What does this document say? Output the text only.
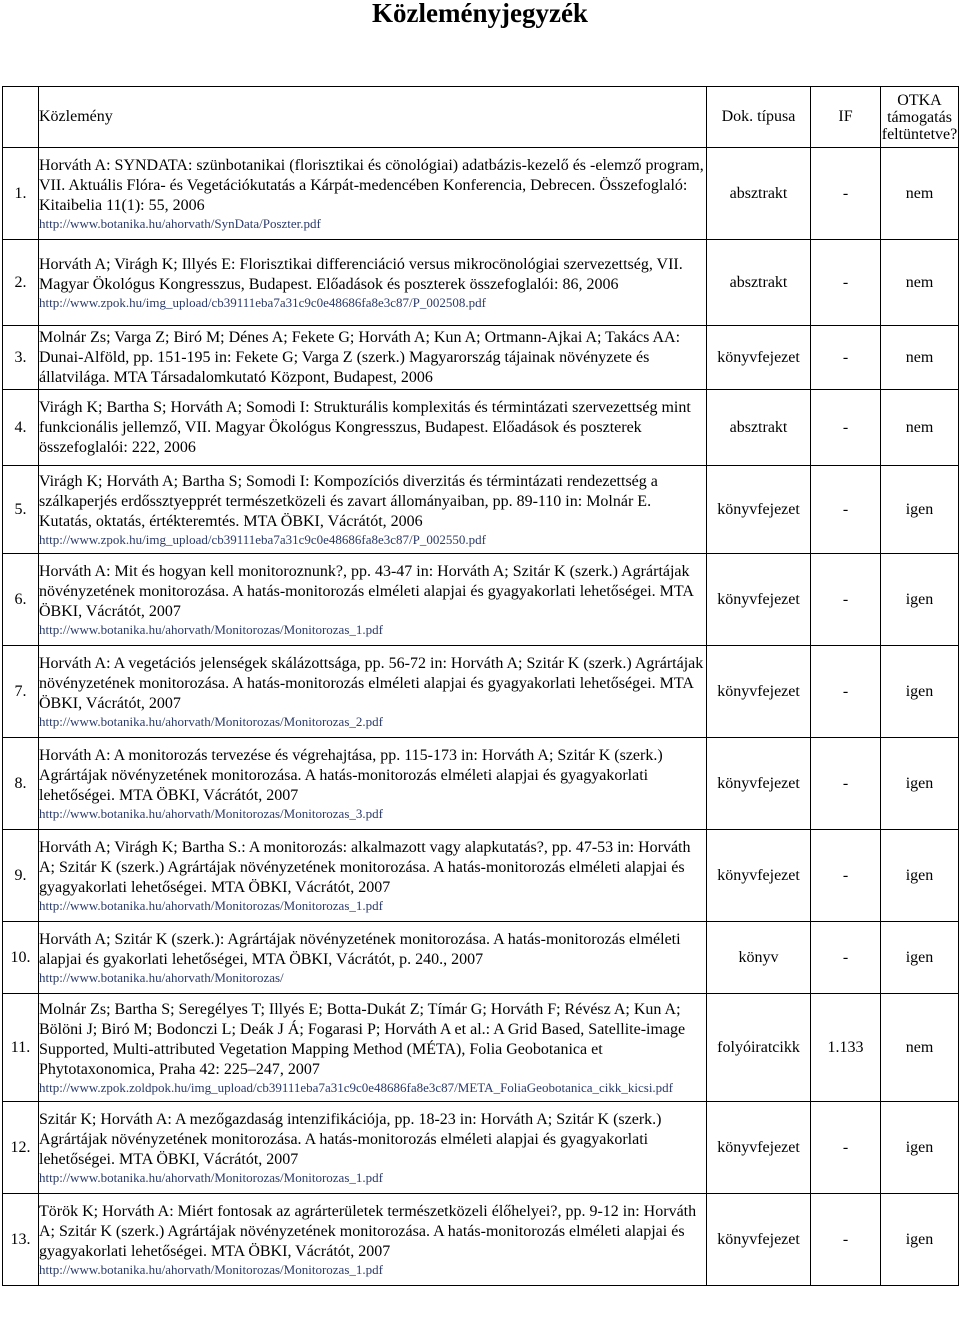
Közleményjegyzék
	Közlemény	Dok. típusa	IF	OTKA támogatás feltüntetve?
1.	Horváth A: SYNDATA: szünbotanikai (florisztikai és cönológiai) adatbázis-kezelő és -elemző program, VII. Aktuális Flóra- és Vegetációkutatás a Kárpát-medencében Konferencia, Debrecen. Összefoglaló: Kitaibelia 11(1): 55, 2006
http://www.botanika.hu/ahorvath/SynData/Poszter.pdf	absztrakt	-	nem
2.	Horváth A; Virágh K; Illyés E: Florisztikai differenciáció versus mikrocönológiai szervezettség, VII. Magyar Ökológus Kongresszus, Budapest. Előadások és poszterek összefoglalói: 86, 2006
http://www.zpok.hu/img_upload/cb39111eba7a31c9c0e48686fa8e3c87/P_002508.pdf	absztrakt	-	nem
3.	Molnár Zs; Varga Z; Biró M; Dénes A; Fekete G; Horváth A; Kun A; Ortmann-Ajkai A; Takács AA: Dunai-Alföld, pp. 151-195 in: Fekete G; Varga Z (szerk.) Magyarország tájainak növényzete és állatvilága. MTA Társadalomkutató Központ, Budapest, 2006	könyvfejezet	-	nem
4.	Virágh K; Bartha S; Horváth A; Somodi I: Strukturális komplexitás és términtázati szervezettség mint funkcionális jellemző, VII. Magyar Ökológus Kongresszus, Budapest. Előadások és poszterek összefoglalói: 222, 2006	absztrakt	-	nem
5.	Virágh K; Horváth A; Bartha S; Somodi I: Kompozíciós diverzitás és términtázati rendezettség a szálkaperjés erdőssztyepprét természetközeli és zavart állományaiban, pp. 89-110 in: Molnár E. Kutatás, oktatás, értékteremtés. MTA ÖBKI, Vácrátót, 2006
http://www.zpok.hu/img_upload/cb39111eba7a31c9c0e48686fa8e3c87/P_002550.pdf	könyvfejezet	-	igen
6.	Horváth A: Mit és hogyan kell monitoroznunk?, pp. 43-47 in: Horváth A; Szitár K (szerk.) Agrártájak növényzetének monitorozása. A hatás-monitorozás elméleti alapjai és gyagyakorlati lehetőségei. MTA ÖBKI, Vácrátót, 2007
http://www.botanika.hu/ahorvath/Monitorozas/Monitorozas_1.pdf	könyvfejezet	-	igen
7.	Horváth A: A vegetációs jelenségek skálázottsága, pp. 56-72 in: Horváth A; Szitár K (szerk.) Agrártájak növényzetének monitorozása. A hatás-monitorozás elméleti alapjai és gyagyakorlati lehetőségei. MTA ÖBKI, Vácrátót, 2007
http://www.botanika.hu/ahorvath/Monitorozas/Monitorozas_2.pdf	könyvfejezet	-	igen
8.	Horváth A: A monitorozás tervezése és végrehajtása, pp. 115-173 in: Horváth A; Szitár K (szerk.) Agrártájak növényzetének monitorozása. A hatás-monitorozás elméleti alapjai és gyagyakorlati lehetőségei. MTA ÖBKI, Vácrátót, 2007
http://www.botanika.hu/ahorvath/Monitorozas/Monitorozas_3.pdf	könyvfejezet	-	igen
9.	Horváth A; Virágh K; Bartha S.: A monitorozás: alkalmazott vagy alapkutatás?, pp. 47-53 in: Horváth A; Szitár K (szerk.) Agrártájak növényzetének monitorozása. A hatás-monitorozás elméleti alapjai és gyagyakorlati lehetőségei. MTA ÖBKI, Vácrátót, 2007
http://www.botanika.hu/ahorvath/Monitorozas/Monitorozas_1.pdf	könyvfejezet	-	igen
10.	Horváth A; Szitár K (szerk.): Agrártájak növényzetének monitorozása. A hatás-monitorozás elméleti alapjai és gyakorlati lehetőségei, MTA ÖBKI, Vácrátót, p. 240., 2007
http://www.botanika.hu/ahorvath/Monitorozas/	könyv	-	igen
11.	Molnár Zs; Bartha S; Seregélyes T; Illyés E; Botta-Dukát Z; Tímár G; Horváth F; Révész A; Kun A; Bölöni J; Biró M; Bodonczi L; Deák J Á; Fogarasi P; Horváth A et al.: A Grid Based, Satellite-image Supported, Multi-attributed Vegetation Mapping Method (MÉTA), Folia Geobotanica et Phytotaxonomica, Praha 42: 225–247, 2007
http://www.zpok.zoldpok.hu/img_upload/cb39111eba7a31c9c0e48686fa8e3c87/META_FoliaGeobotanica_cikk_kicsi.pdf	folyóiratcikk	1.133	nem
12.	Szitár K; Horváth A: A mezőgazdaság intenzifikációja, pp. 18-23 in: Horváth A; Szitár K (szerk.) Agrártájak növényzetének monitorozása. A hatás-monitorozás elméleti alapjai és gyagyakorlati lehetőségei. MTA ÖBKI, Vácrátót, 2007
http://www.botanika.hu/ahorvath/Monitorozas/Monitorozas_1.pdf	könyvfejezet	-	igen
13.	Török K; Horváth A: Miért fontosak az agrárterületek természetközeli élőhelyei?, pp. 9-12 in: Horváth A; Szitár K (szerk.) Agrártájak növényzetének monitorozása. A hatás-monitorozás elméleti alapjai és gyagyakorlati lehetőségei. MTA ÖBKI, Vácrátót, 2007
http://www.botanika.hu/ahorvath/Monitorozas/Monitorozas_1.pdf	könyvfejezet	-	igen
